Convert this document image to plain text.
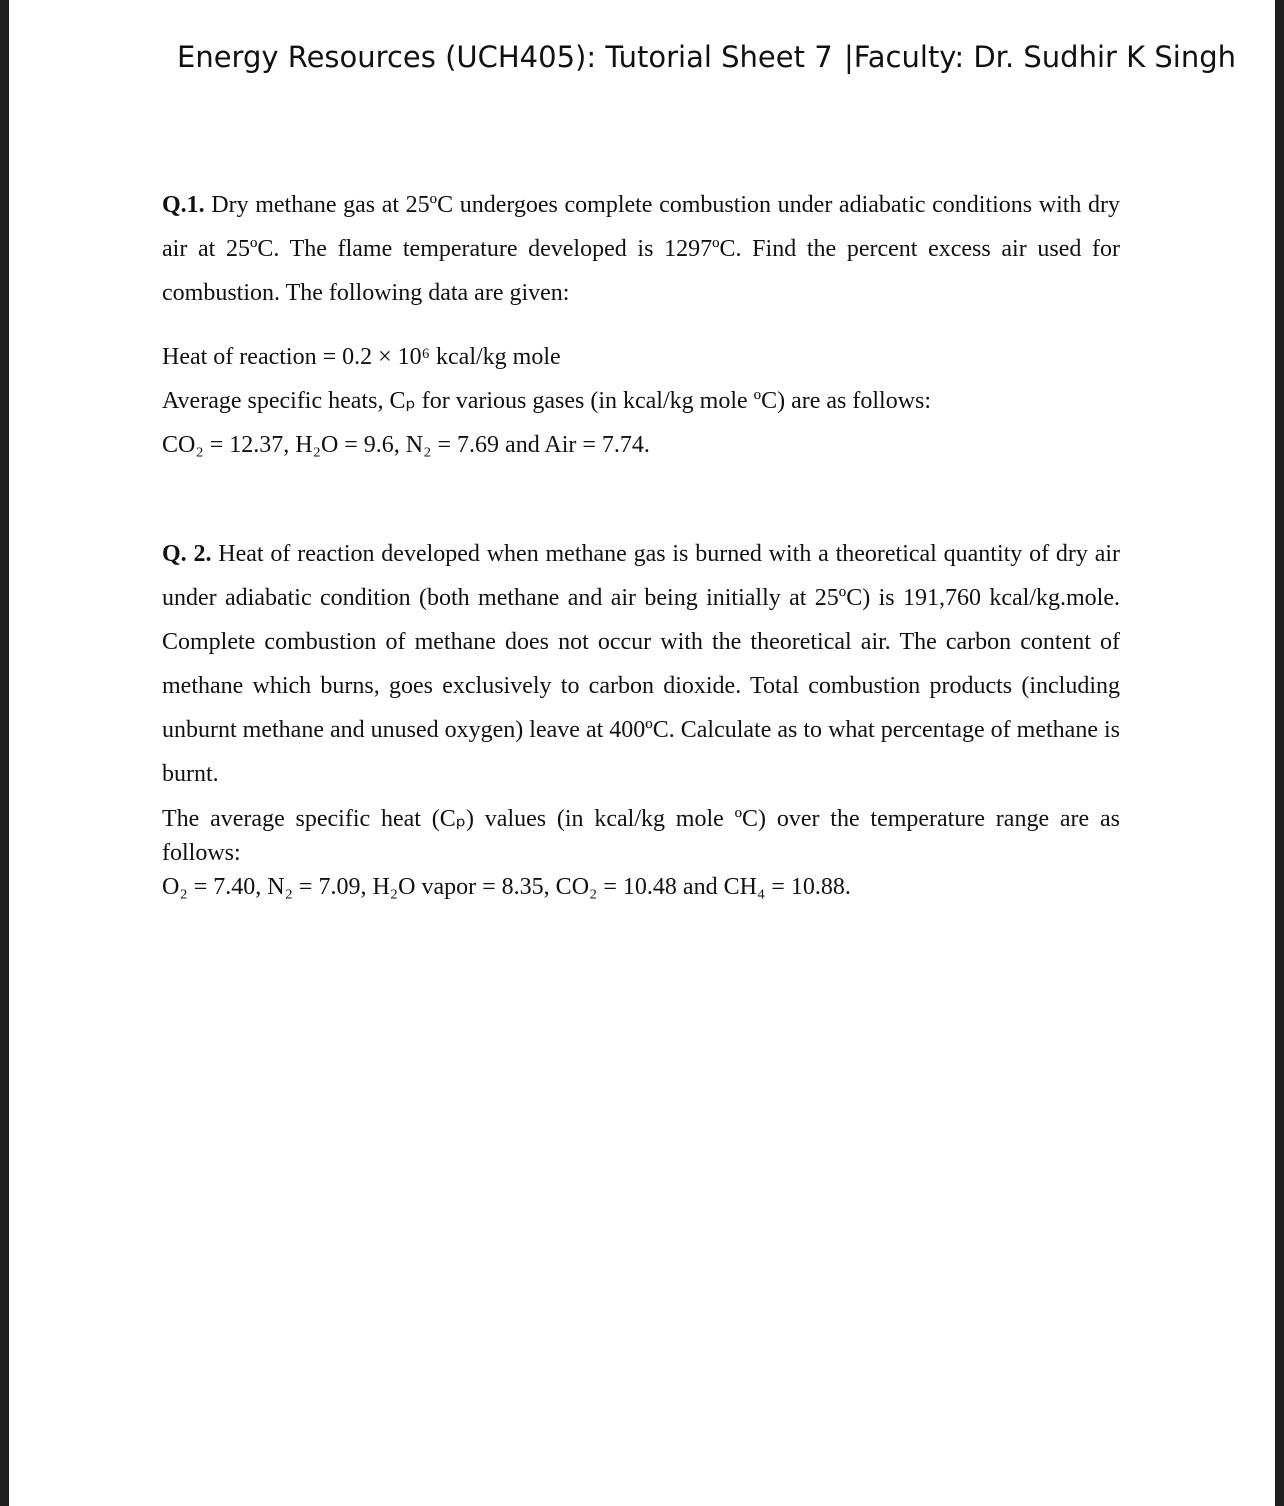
Energy Resources (UCH405): Tutorial Sheet 7 |Faculty: Dr. Sudhir K Singh

Q.1. Dry methane gas at 25ºC undergoes complete combustion under adiabatic conditions with dry air at 25ºC. The flame temperature developed is 1297ºC. Find the percent excess air used for combustion. The following data are given:

Heat of reaction = 0.2 × 10⁶ kcal/kg mole
Average specific heats, Cₚ for various gases (in kcal/kg mole ºC) are as follows:
CO₂ = 12.37, H₂O = 9.6, N₂ = 7.69 and Air = 7.74.

Q. 2. Heat of reaction developed when methane gas is burned with a theoretical quantity of dry air under adiabatic condition (both methane and air being initially at 25ºC) is 191,760 kcal/kg.mole. Complete combustion of methane does not occur with the theoretical air. The carbon content of methane which burns, goes exclusively to carbon dioxide. Total combustion products (including unburnt methane and unused oxygen) leave at 400ºC. Calculate as to what percentage of methane is burnt.

The average specific heat (Cₚ) values (in kcal/kg mole ºC) over the temperature range are as follows:

O₂ = 7.40, N₂ = 7.09, H₂O vapor = 8.35, CO₂ = 10.48 and CH₄ = 10.88.
